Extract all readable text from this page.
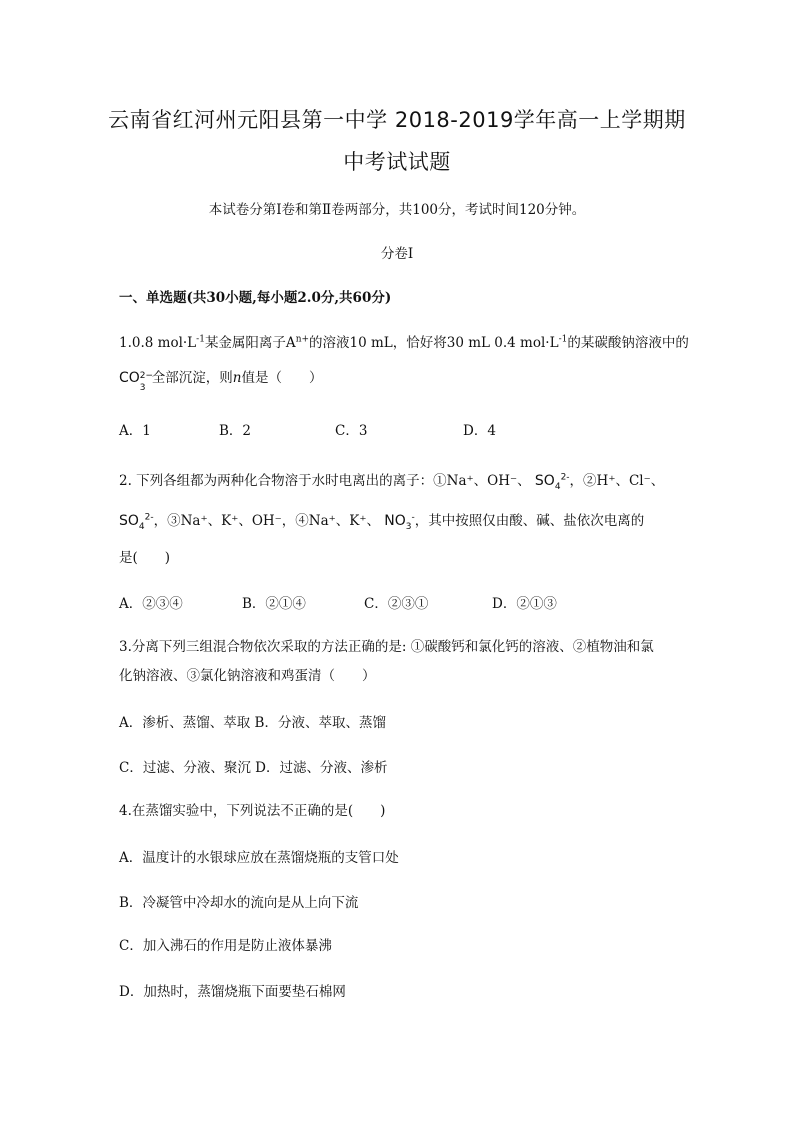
云南省红河州元阳县第一中学 2018-2019学年高一上学期期
中考试试题
本试卷分第Ⅰ卷和第Ⅱ卷两部分，共100分，考试时间120分钟。
分卷I
一、单选题(共30小题,每小题2.0分,共60分)
1.0.8 $mol\cdot L^{-1}$某金属阳离子$A^{n+}$的溶液10 mL，恰好将30 mL 0.4 $mol\cdot L^{-1}$的某碳酸钠溶液中的
CO 2−
3
全部沉淀，则n值是（　　）
A．1	B．2	C．3	D．4
2. 下列各组都为两种化合物溶于水时电离出的离子：①Na⁺、OH⁻、 $SO_4^{2-}$，②H⁺、Cl⁻、
$SO_4^{2-}$，③Na⁺、K⁺、OH⁻，④Na⁺、K⁺、 $NO_3^-$，其中按照仅由酸、碱、盐依次电离的
是(　　)
A．②③④	B．②①④	C．②③①	D．②①③
3.分离下列三组混合物依次采取的方法正确的是: ①碳酸钙和氯化钙的溶液、②植物油和氯
化钠溶液、③氯化钠溶液和鸡蛋清（　　）
A．渗析、蒸馏、萃取 B．分液、萃取、蒸馏
C．过滤、分液、聚沉 D．过滤、分液、渗析
4.在蒸馏实验中，下列说法不正确的是(　　)
A．温度计的水银球应放在蒸馏烧瓶的支管口处
B．冷凝管中冷却水的流向是从上向下流
C．加入沸石的作用是防止液体暴沸
D．加热时，蒸馏烧瓶下面要垫石棉网
